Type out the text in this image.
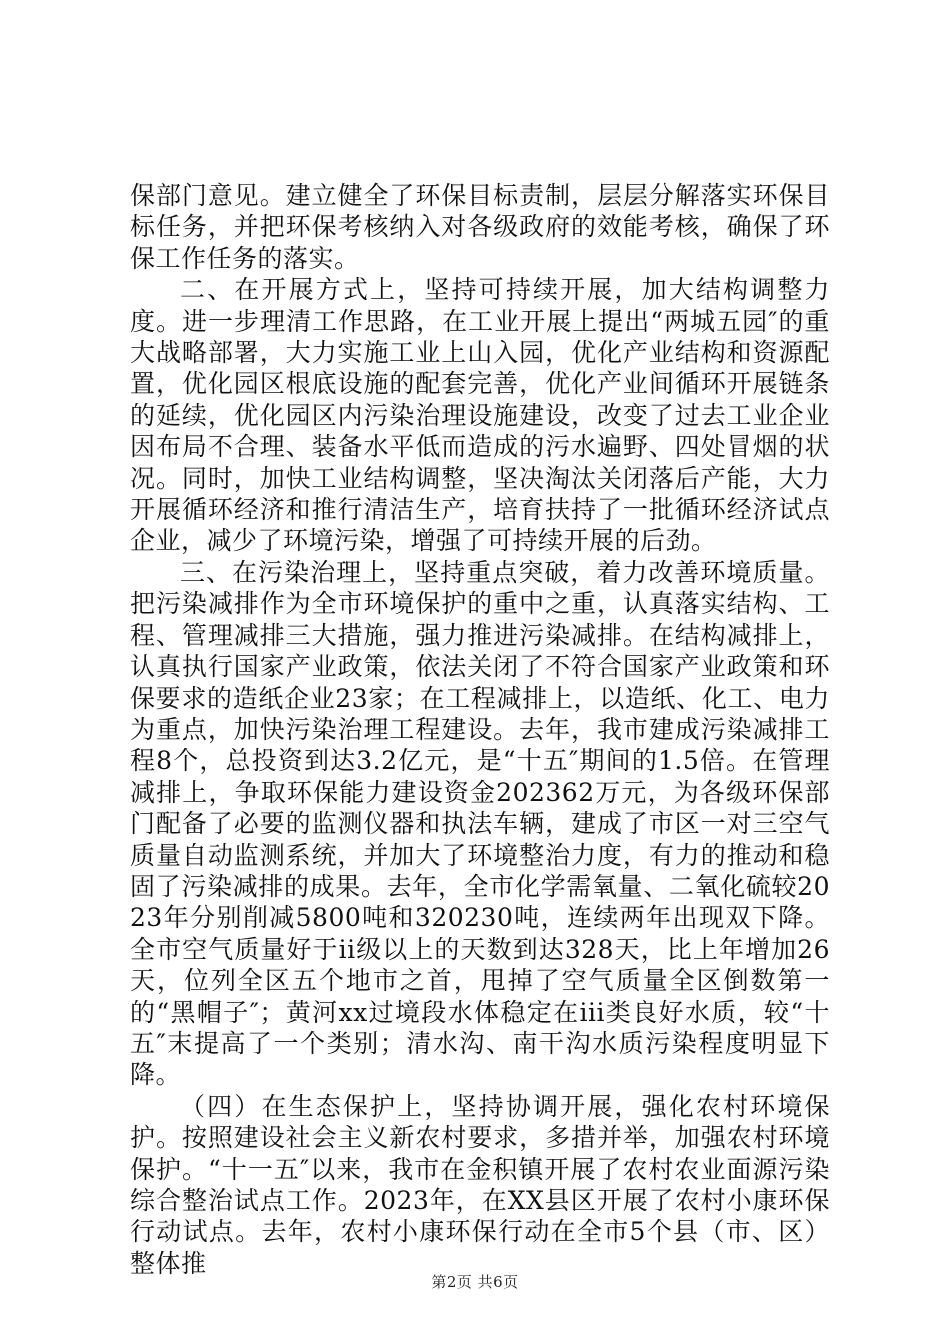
保部门意见。建立健全了环保目标责制，层层分解落实环保目标任务，并把环保考核纳入对各级政府的效能考核，确保了环保工作任务的落实。

二、在开展方式上，坚持可持续开展，加大结构调整力度。进一步理清工作思路，在工业开展上提出“两城五园″的重大战略部署，大力实施工业上山入园，优化产业结构和资源配置，优化园区根底设施的配套完善，优化产业间循环开展链条的延续，优化园区内污染治理设施建设，改变了过去工业企业因布局不合理、装备水平低而造成的污水遍野、四处冒烟的状况。同时，加快工业结构调整，坚决淘汰关闭落后产能，大力开展循环经济和推行清洁生产，培育扶持了一批循环经济试点企业，减少了环境污染，增强了可持续开展的后劲。

三、在污染治理上，坚持重点突破，着力改善环境质量。把污染减排作为全市环境保护的重中之重，认真落实结构、工程、管理减排三大措施，强力推进污染减排。在结构减排上，认真执行国家产业政策，依法关闭了不符合国家产业政策和环保要求的造纸企业23家；在工程减排上，以造纸、化工、电力为重点，加快污染治理工程建设。去年，我市建成污染减排工程8个，总投资到达3.2亿元，是“十五″期间的1.5倍。在管理减排上，争取环保能力建设资金202362万元，为各级环保部门配备了必要的监测仪器和执法车辆，建成了市区一对三空气质量自动监测系统，并加大了环境整治力度，有力的推动和稳固了污染减排的成果。去年，全市化学需氧量、二氧化硫较2023年分别削减5800吨和320230吨，连续两年出现双下降。全市空气质量好于ii级以上的天数到达328天，比上年增加26天，位列全区五个地市之首，甩掉了空气质量全区倒数第一的“黑帽子″；黄河xx过境段水体稳定在iii类良好水质，较“十五″末提高了一个类别；清水沟、南干沟水质污染程度明显下降。

（四）在生态保护上，坚持协调开展，强化农村环境保护。按照建设社会主义新农村要求，多措并举，加强农村环境保护。“十一五″以来，我市在金积镇开展了农村农业面源污染综合整治试点工作。2023年，在XX县区开展了农村小康环保行动试点。去年，农村小康环保行动在全市5个县（市、区）整体推

第2页 共6页
